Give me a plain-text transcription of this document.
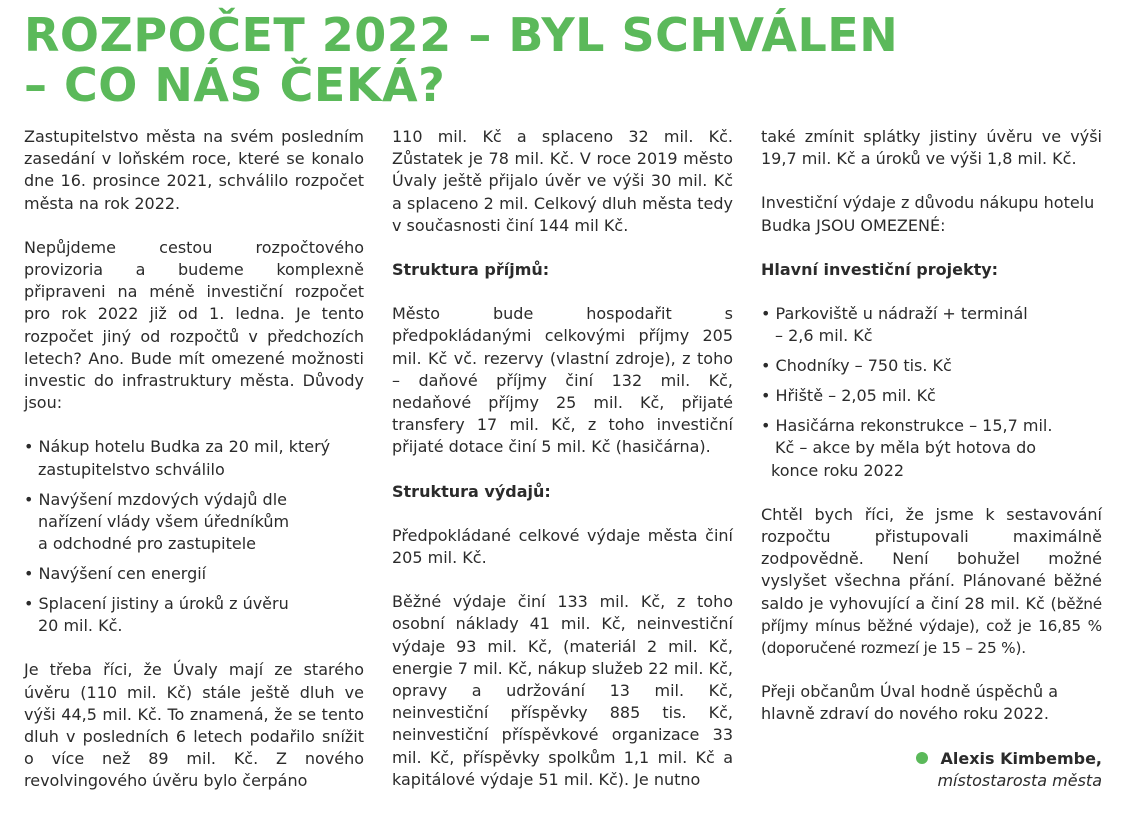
ROZPOČET 2022 – BYL SCHVÁLEN
– CO NÁS ČEKÁ?

Zastupitelstvo města na svém posledním zasedání v loňském roce, které se konalo dne 16. prosince 2021, schválilo rozpočet města na rok 2022.

Nepůjdeme cestou rozpočtového provizoria a budeme komplexně připraveni na méně investiční rozpočet pro rok 2022 již od 1. ledna. Je tento rozpočet jiný od rozpočtů v předchozích letech? Ano. Bude mít omezené možnosti investic do infrastruktury města. Důvody jsou:

• Nákup hotelu Budka za 20 mil, který
zastupitelstvo schválilo
• Navýšení mzdových výdajů dle
nařízení vlády všem úředníkům
a odchodné pro zastupitele
• Navýšení cen energií
• Splacení jistiny a úroků z úvěru
20 mil. Kč.

Je třeba říci, že Úvaly mají ze starého úvěru (110 mil. Kč) stále ještě dluh ve výši 44,5 mil. Kč. To znamená, že se tento dluh v posledních 6 letech podařilo snížit o více než 89 mil. Kč. Z nového revolvingového úvěru bylo čerpáno

110 mil. Kč a splaceno 32 mil. Kč. Zůstatek je 78 mil. Kč. V roce 2019 město Úvaly ještě přijalo úvěr ve výši 30 mil. Kč a splaceno 2 mil. Celkový dluh města tedy v současnosti činí 144 mil Kč.

Struktura příjmů:

Město bude hospodařit s předpokládanými celkovými příjmy 205 mil. Kč vč. rezervy (vlastní zdroje), z toho – daňové příjmy činí 132 mil. Kč, nedaňové příjmy 25 mil. Kč, přijaté transfery 17 mil. Kč, z toho investiční přijaté dotace činí 5 mil. Kč (hasičárna).

Struktura výdajů:

Předpokládané celkové výdaje města činí 205 mil. Kč.

Běžné výdaje činí 133 mil. Kč, z toho osobní náklady 41 mil. Kč, neinvestiční výdaje 93 mil. Kč, (materiál 2 mil. Kč, energie 7 mil. Kč, nákup služeb 22 mil. Kč, opravy a udržování 13 mil. Kč, neinvestiční příspěvky 885 tis. Kč, neinvestiční příspěvkové organizace 33 mil. Kč, příspěvky spolkům 1,1 mil. Kč a kapitálové výdaje 51 mil. Kč). Je nutno

také zmínit splátky jistiny úvěru ve výši 19,7 mil. Kč a úroků ve výši 1,8 mil. Kč.

Investiční výdaje z důvodu nákupu hotelu Budka JSOU OMEZENÉ:

Hlavní investiční projekty:
• Parkoviště u nádraží + terminál
– 2,6 mil. Kč
• Chodníky – 750 tis. Kč
• Hřiště – 2,05 mil. Kč
• Hasičárna rekonstrukce – 15,7 mil.
Kč – akce by měla být hotova do
konce roku 2022

Chtěl bych říci, že jsme k sestavování rozpočtu přistupovali maximálně zodpovědně. Není bohužel možné vyslyšet všechna přání. Plánované běžné saldo je vyhovující a činí 28 mil. Kč (běžné příjmy mínus běžné výdaje), což je 16,85 % (doporučené rozmezí je 15 – 25 %).

Přeji občanům Úval hodně úspěchů a hlavně zdraví do nového roku 2022.

Alexis Kimbembe,
místostarosta města
